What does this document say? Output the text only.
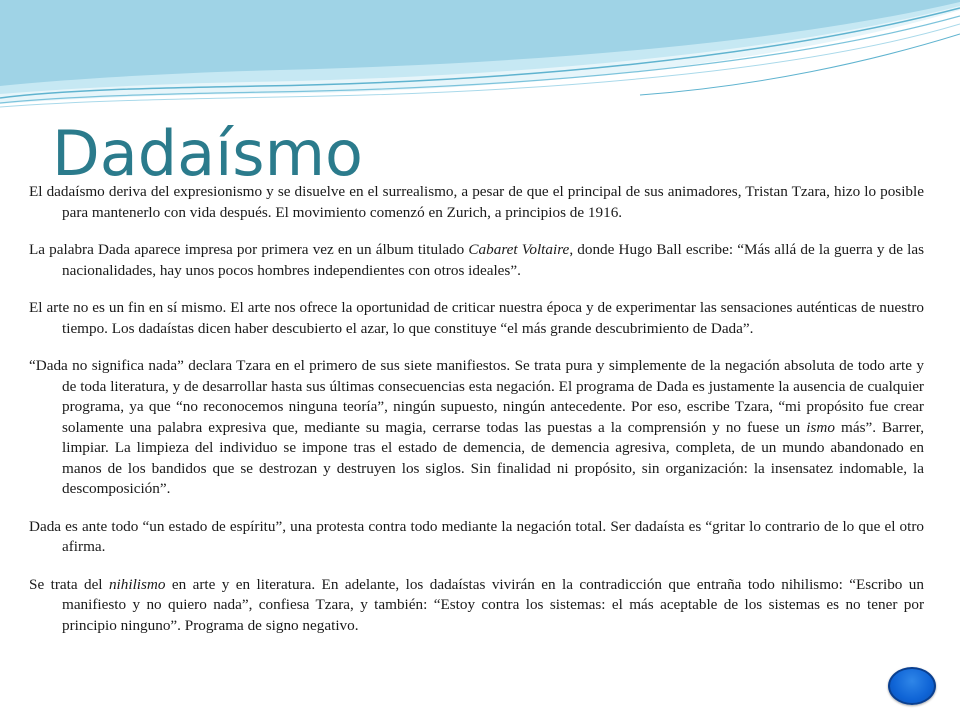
Dadaísmo

El dadaísmo deriva del expresionismo y se disuelve en el surrealismo, a pesar de que el principal de sus animadores, Tristan Tzara, hizo lo posible para mantenerlo con vida después. El movimiento comenzó en Zurich, a principios de 1916.

La palabra Dada aparece impresa por primera vez en un álbum titulado Cabaret Voltaire, donde Hugo Ball escribe: “Más allá de la guerra y de las nacionalidades, hay unos pocos hombres independientes con otros ideales”.

El arte no es un fin en sí mismo. El arte nos ofrece la oportunidad de criticar nuestra época y de experimentar las sensaciones auténticas de nuestro tiempo. Los dadaístas dicen haber descubierto el azar, lo que constituye “el más grande descubrimiento de Dada”.

“Dada no significa nada” declara Tzara en el primero de sus siete manifiestos. Se trata pura y simplemente de la negación absoluta de todo arte y de toda literatura, y de desarrollar hasta sus últimas consecuencias esta negación. El programa de Dada es justamente la ausencia de cualquier programa, ya que “no reconocemos ninguna teoría”, ningún supuesto, ningún antecedente. Por eso, escribe Tzara, “mi propósito fue crear solamente una palabra expresiva que, mediante su magia, cerrarse todas las puestas a la comprensión y no fuese un ismo más”. Barrer, limpiar. La limpieza del individuo se impone tras el estado de demencia, de demencia agresiva, completa, de un mundo abandonado en manos de los bandidos que se destrozan y destruyen los siglos. Sin finalidad ni propósito, sin organización: la insensatez indomable, la descomposición”.

Dada es ante todo “un estado de espíritu”, una protesta contra todo mediante la negación total. Ser dadaísta es “gritar lo contrario de lo que el otro afirma.

Se trata del nihilismo en arte y en literatura. En adelante, los dadaístas vivirán en la contradicción que entraña todo nihilismo: “Escribo un manifiesto y no quiero nada”, confiesa Tzara, y también: “Estoy contra los sistemas: el más aceptable de los sistemas es no tener por principio ninguno”. Programa de signo negativo.
